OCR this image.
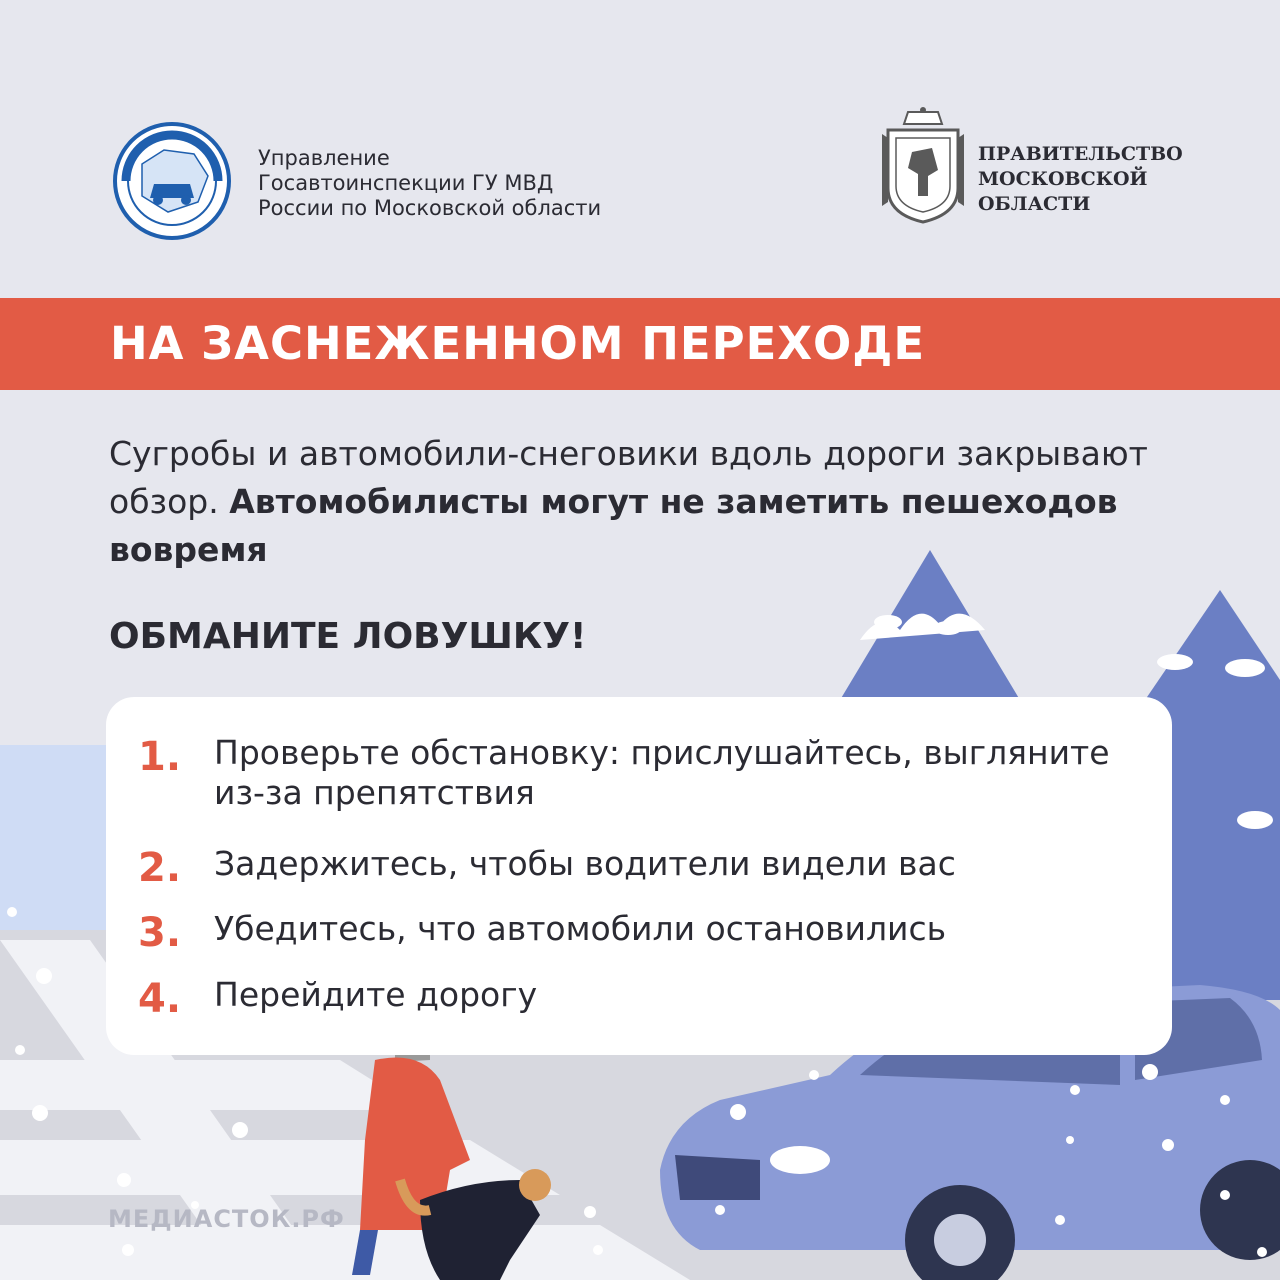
Управление
Госавтоинспекции ГУ МВД
России по Московской области
ПРАВИТЕЛЬСТВО
МОСКОВСКОЙ
ОБЛАСТИ
НА ЗАСНЕЖЕННОМ ПЕРЕХОДЕ
Сугробы и автомобили-снеговики вдоль дороги закрывают обзор. Автомобилисты могут не заметить пешеходов вовремя
ОБМАНИТЕ ЛОВУШКУ!
1. Проверьте обстановку: прислушайтесь, выгляните из-за препятствия
2. Задержитесь, чтобы водители видели вас
3. Убедитесь, что автомобили остановились
4. Перейдите дорогу
МЕДИАСТОК.РФ
